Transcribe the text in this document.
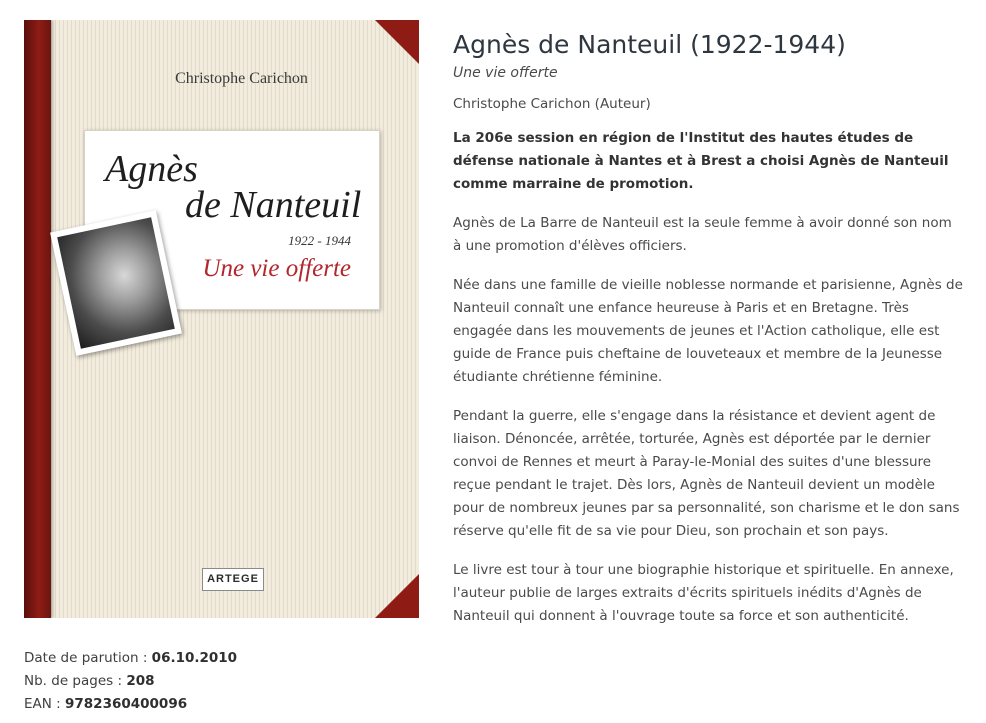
Christophe Carichon
Agnès
de Nanteuil
1922 - 1944
Une vie offerte
ARTEGE
Date de parution : 06.10.2010
Nb. de pages : 208
EAN : 9782360400096
Agnès de Nanteuil (1922-1944)
Une vie offerte
Christophe Carichon (Auteur)
La 206e session en région de l'Institut des hautes études de défense nationale à Nantes et à Brest a choisi Agnès de Nanteuil comme marraine de promotion.
Agnès de La Barre de Nanteuil est la seule femme à avoir donné son nom à une promotion d'élèves officiers.
Née dans une famille de vieille noblesse normande et parisienne, Agnès de Nanteuil connaît une enfance heureuse à Paris et en Bretagne. Très engagée dans les mouvements de jeunes et l'Action catholique, elle est guide de France puis cheftaine de louveteaux et membre de la Jeunesse étudiante chrétienne féminine.
Pendant la guerre, elle s'engage dans la résistance et devient agent de liaison. Dénoncée, arrêtée, torturée, Agnès est déportée par le dernier convoi de Rennes et meurt à Paray-le-Monial des suites d'une blessure reçue pendant le trajet. Dès lors, Agnès de Nanteuil devient un modèle pour de nombreux jeunes par sa personnalité, son charisme et le don sans réserve qu'elle fit de sa vie pour Dieu, son prochain et son pays.
Le livre est tour à tour une biographie historique et spirituelle. En annexe, l'auteur publie de larges extraits d'écrits spirituels inédits d'Agnès de Nanteuil qui donnent à l'ouvrage toute sa force et son authenticité.
